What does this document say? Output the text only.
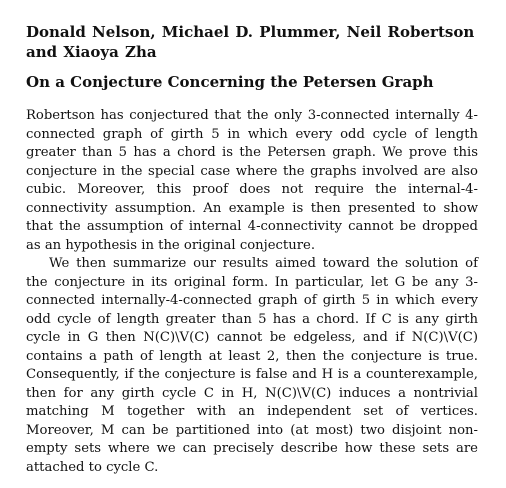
Donald Nelson, Michael D. Plummer, Neil Robertson and Xiaoya Zha

On a Conjecture Concerning the Petersen Graph

Robertson has conjectured that the only 3-connected internally 4-connected graph of girth 5 in which every odd cycle of length greater than 5 has a chord is the Petersen graph. We prove this conjecture in the special case where the graphs involved are also cubic. Moreover, this proof does not require the internal-4-connectivity assumption. An example is then presented to show that the assumption of internal 4-connectivity cannot be dropped as an hypothesis in the original conjecture.

We then summarize our results aimed toward the solution of the conjecture in its original form. In particular, let G be any 3-connected internally-4-connected graph of girth 5 in which every odd cycle of length greater than 5 has a chord. If C is any girth cycle in G then N(C)\V(C) cannot be edgeless, and if N(C)\V(C) contains a path of length at least 2, then the conjecture is true. Consequently, if the conjecture is false and H is a counterexample, then for any girth cycle C in H, N(C)\V(C) induces a nontrivial matching M together with an independent set of vertices. Moreover, M can be partitioned into (at most) two disjoint non-empty sets where we can precisely describe how these sets are attached to cycle C.
